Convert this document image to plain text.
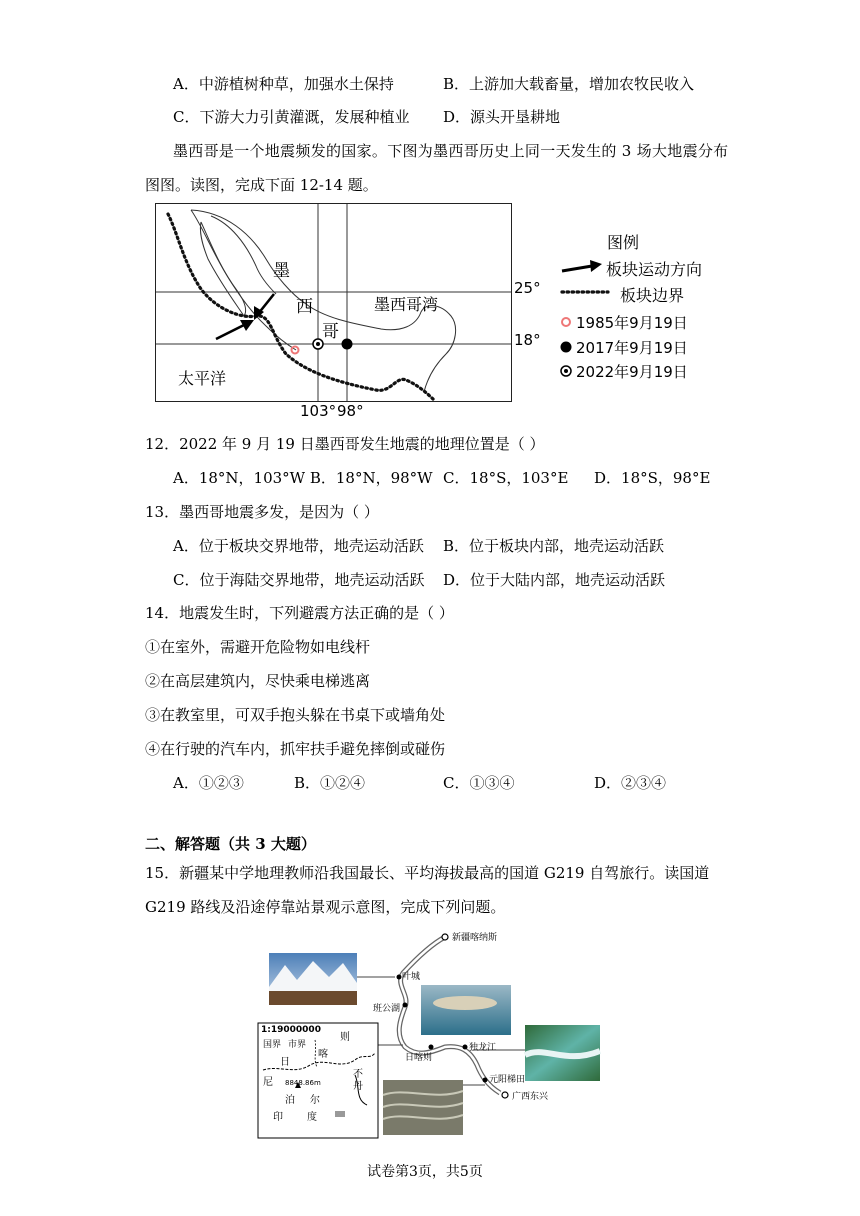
A．中游植树种草，加强水土保持	B．上游加大载畜量，增加农牧民收入
C．下游大力引黄灌溉，发展种植业 D．源头开垦耕地
墨西哥是一个地震频发的国家。下图为墨西哥历史上同一天发生的 3 场大地震分布
图图。读图，完成下面 12-14 题。
墨
西
哥
墨西哥湾
太平洋
25°
18°
103° 98°
图例
板块运动方向
板块边界
1985年9月19日
2017年9月19日
2022年9月19日
12．2022 年 9 月 19 日墨西哥发生地震的地理位置是（ ）
A．18°N，103°W B．18°N，98°W C．18°S，103°E D．18°S，98°E
13．墨西哥地震多发，是因为（ ）
A．位于板块交界地带，地壳运动活跃 B．位于板块内部，地壳运动活跃
C．位于海陆交界地带，地壳运动活跃 D．位于大陆内部，地壳运动活跃
14．地震发生时，下列避震方法正确的是（ ）
①在室外，需避开危险物如电线杆
②在高层建筑内，尽快乘电梯逃离
③在教室里，可双手抱头躲在书桌下或墙角处
④在行驶的汽车内，抓牢扶手避免摔倒或碰伤
A．①②③	B．①②④	C．①③④	D．②③④
二、解答题（共 3 大题）
15．新疆某中学地理教师沿我国最长、平均海拔最高的国道 G219 自驾旅行。读国道
G219 路线及沿途停靠站景观示意图，完成下列问题。
新疆喀纳斯
叶城
班公湖
日喀则
独龙江
元阳梯田
广西东兴
1:19000000
国界 市界
日
喀
则
不
丹
尼
泊 尔
印 度
8848.86m
试卷第3页，共5页
